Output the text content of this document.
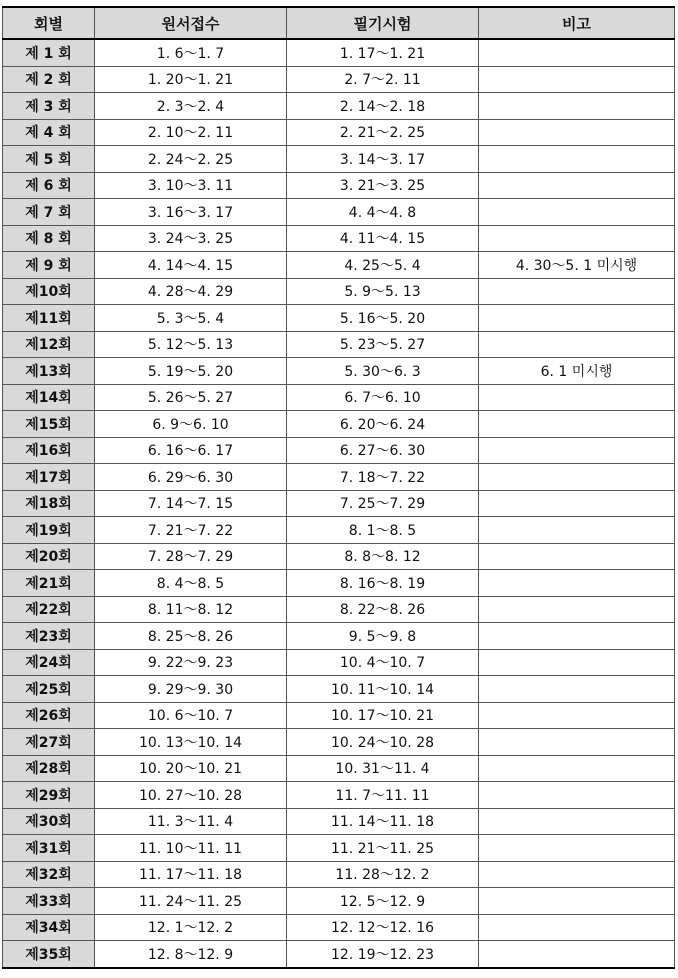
회별	원서접수	필기시험	비고
제 1 회	1. 6～1. 7	1. 17～1. 21	
제 2 회	1. 20～1. 21	2. 7～2. 11	
제 3 회	2. 3～2. 4	2. 14～2. 18	
제 4 회	2. 10～2. 11	2. 21～2. 25	
제 5 회	2. 24～2. 25	3. 14～3. 17	
제 6 회	3. 10～3. 11	3. 21～3. 25	
제 7 회	3. 16～3. 17	4. 4～4. 8	
제 8 회	3. 24～3. 25	4. 11～4. 15	
제 9 회	4. 14～4. 15	4. 25～5. 4	4. 30～5. 1 미시행
제10회	4. 28～4. 29	5. 9～5. 13	
제11회	5. 3～5. 4	5. 16～5. 20	
제12회	5. 12～5. 13	5. 23～5. 27	
제13회	5. 19～5. 20	5. 30～6. 3	6. 1 미시행
제14회	5. 26～5. 27	6. 7～6. 10	
제15회	6. 9～6. 10	6. 20～6. 24	
제16회	6. 16～6. 17	6. 27～6. 30	
제17회	6. 29～6. 30	7. 18～7. 22	
제18회	7. 14～7. 15	7. 25～7. 29	
제19회	7. 21～7. 22	8. 1～8. 5	
제20회	7. 28～7. 29	8. 8～8. 12	
제21회	8. 4～8. 5	8. 16～8. 19	
제22회	8. 11～8. 12	8. 22～8. 26	
제23회	8. 25～8. 26	9. 5～9. 8	
제24회	9. 22～9. 23	10. 4～10. 7	
제25회	9. 29～9. 30	10. 11～10. 14	
제26회	10. 6～10. 7	10. 17～10. 21	
제27회	10. 13～10. 14	10. 24～10. 28	
제28회	10. 20～10. 21	10. 31～11. 4	
제29회	10. 27～10. 28	11. 7～11. 11	
제30회	11. 3～11. 4	11. 14～11. 18	
제31회	11. 10～11. 11	11. 21～11. 25	
제32회	11. 17～11. 18	11. 28～12. 2	
제33회	11. 24～11. 25	12. 5～12. 9	
제34회	12. 1～12. 2	12. 12～12. 16	
제35회	12. 8～12. 9	12. 19～12. 23	
